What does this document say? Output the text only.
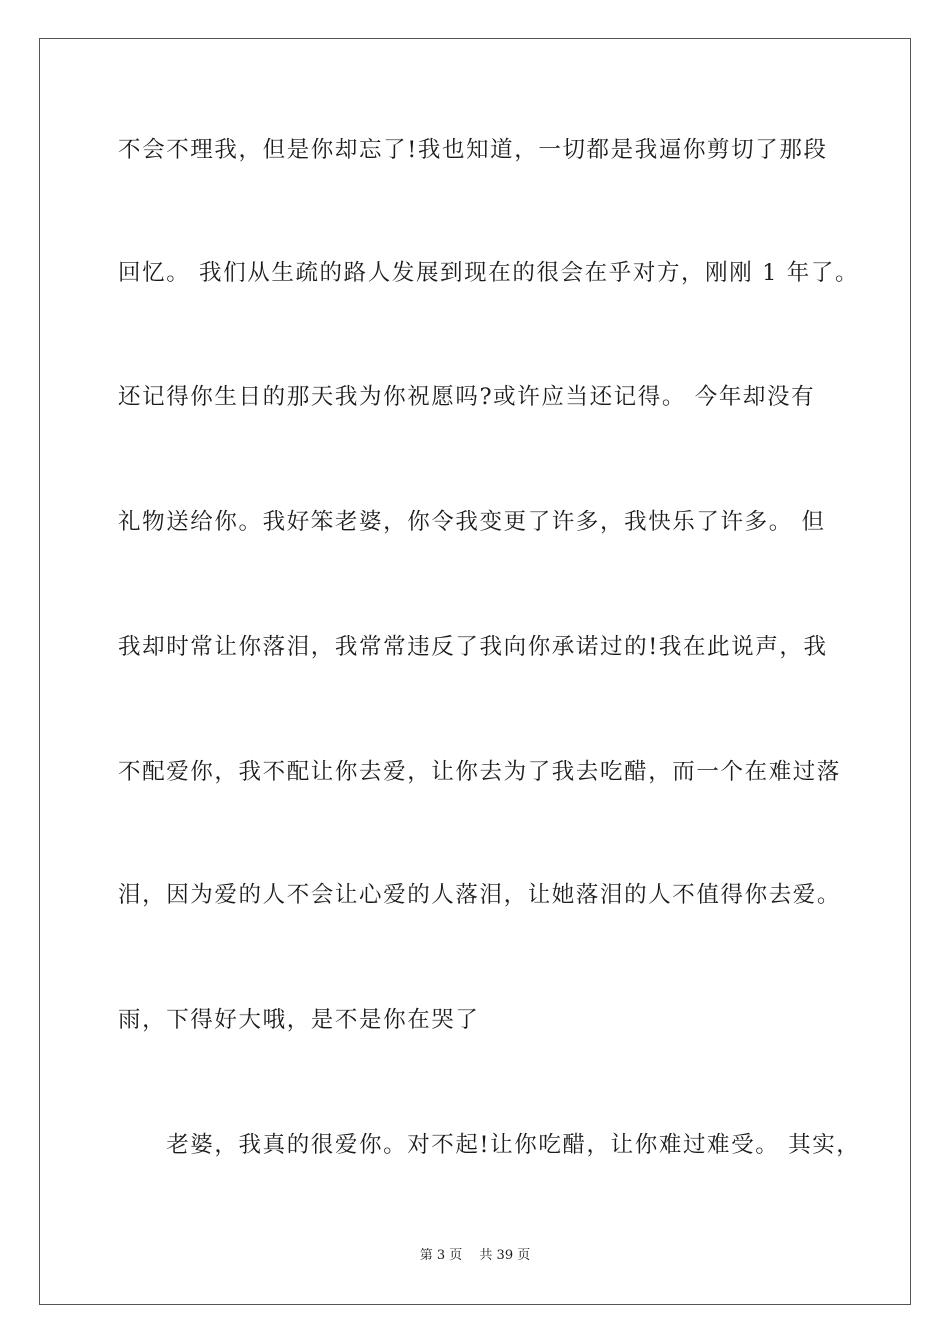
不会不理我，但是你却忘了!我也知道，一切都是我逼你剪切了那段
回忆。 我们从生疏的路人发展到现在的很会在乎对方，刚刚 1 年了。
还记得你生日的那天我为你祝愿吗?或许应当还记得。 今年却没有
礼物送给你。我好笨老婆，你令我变更了许多，我快乐了许多。 但
我却时常让你落泪，我常常违反了我向你承诺过的!我在此说声，我
不配爱你，我不配让你去爱，让你去为了我去吃醋，而一个在难过落
泪，因为爱的人不会让心爱的人落泪，让她落泪的人不值得你去爱。
雨，下得好大哦，是不是你在哭了
　　老婆，我真的很爱你。对不起!让你吃醋，让你难过难受。 其实，
第 3 页　 共 39 页
